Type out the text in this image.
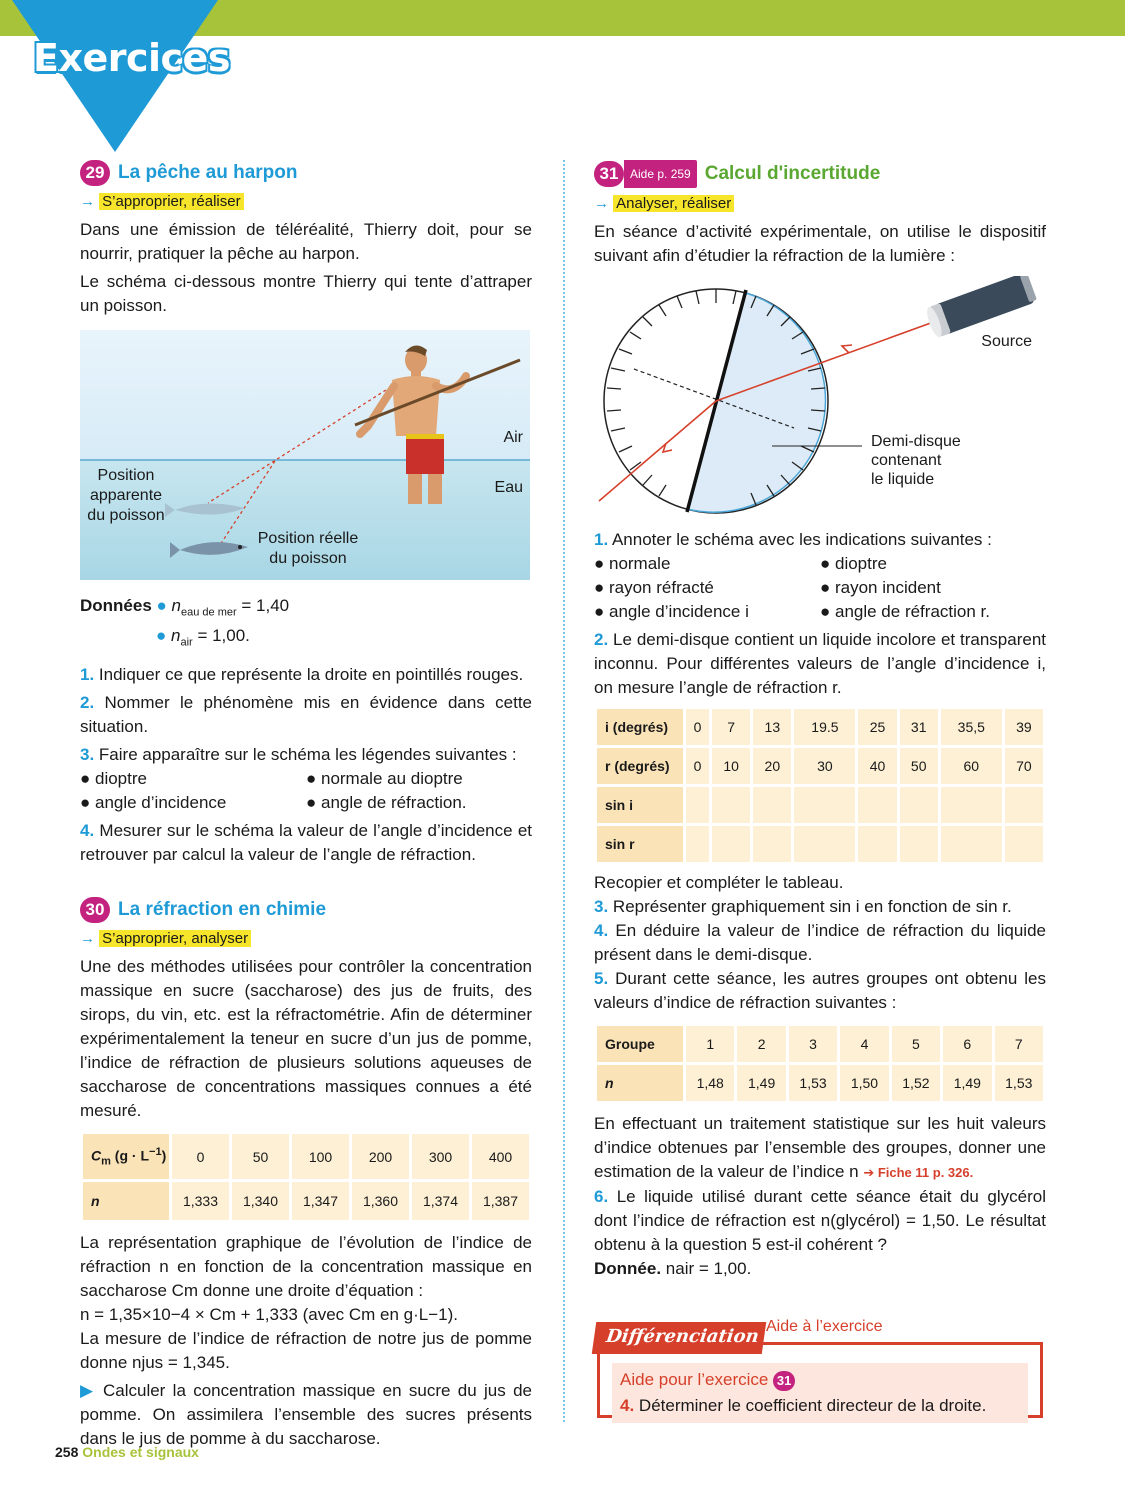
Exercices
29 La pêche au harpon
→ S’approprier, réaliser

Dans une émission de téléréalité, Thierry doit, pour se nourrir, pratiquer la pêche au harpon.

Le schéma ci-dessous montre Thierry qui tente d’attraper un poisson.

Air
Eau
Position
apparente
du poisson
Position réelle
du poisson
Données ● $n_{eau de mer} = 1,40$
● $n_{air} = 1,00$.

1. Indiquer ce que représente la droite en pointillés rouges.

2. Nommer le phénomène mis en évidence dans cette situation.

3. Faire apparaître sur le schéma les légendes suivantes :

● dioptre	● normale au dioptre
● angle d’incidence	● angle de réfraction.

4. Mesurer sur le schéma la valeur de l’angle d’incidence et retrouver par calcul la valeur de l’angle de réfraction.

30 La réfraction en chimie
→ S’approprier, analyser

Une des méthodes utilisées pour contrôler la concentration massique en sucre (saccharose) des jus de fruits, des sirops, du vin, etc. est la réfractométrie. Afin de déterminer expérimentalement la teneur en sucre d’un jus de pomme, l’indice de réfraction de plusieurs solutions aqueuses de saccharose de concentrations massiques connues a été mesuré.

$C_m$ $(g \cdot L^{-1})$	0	50	100	200	300	400
n	1,333	1,340	1,347	1,360	1,374	1,387

La représentation graphique de l’évolution de l’indice de réfraction n en fonction de la concentration massique en saccharose Cm donne une droite d’équation :

n = 1,35×10−4 × Cm + 1,333 (avec Cm en g·L−1).

La mesure de l’indice de réfraction de notre jus de pomme donne njus = 1,345.

▶ Calculer la concentration massique en sucre du jus de pomme. On assimilera l’ensemble des sucres présents dans le jus de pomme à du saccharose.

31 Aide p. 259 Calcul d'incertitude
→ Analyser, réaliser

En séance d’activité expérimentale, on utilise le dispositif suivant afin d’étudier la réfraction de la lumière :

Source
Demi-disque
contenant
le liquide

1. Annoter le schéma avec les indications suivantes :

● normale	● dioptre
● rayon réfracté	● rayon incident
● angle d’incidence i	● angle de réfraction r.

2. Le demi-disque contient un liquide incolore et transparent inconnu. Pour différentes valeurs de l’angle d’incidence i, on mesure l’angle de réfraction r.

i (degrés)	0	7	13	19.5	25	31	35,5	39
r (degrés)	0	10	20	30	40	50	60	70
sin i								
sin r								

Recopier et compléter le tableau.

3. Représenter graphiquement sin i en fonction de sin r.

4. En déduire la valeur de l’indice de réfraction du liquide présent dans le demi-disque.

5. Durant cette séance, les autres groupes ont obtenu les valeurs d’indice de réfraction suivantes :

Groupe	1	2	3	4	5	6	7
n	1,48	1,49	1,53	1,50	1,52	1,49	1,53

En effectuant un traitement statistique sur les huit valeurs d’indice obtenues par l’ensemble des groupes, donner une estimation de la valeur de l’indice n ➔ Fiche 11 p. 326.

6. Le liquide utilisé durant cette séance était du glycérol dont l’indice de réfraction est n(glycérol) = 1,50. Le résultat obtenu à la question 5 est-il cohérent ?

Donnée. nair = 1,00.

Aide pour l’exercice 31
4. Déterminer le coefficient directeur de la droite.
Différenciation Aide à l’exercice
258 Ondes et signaux
